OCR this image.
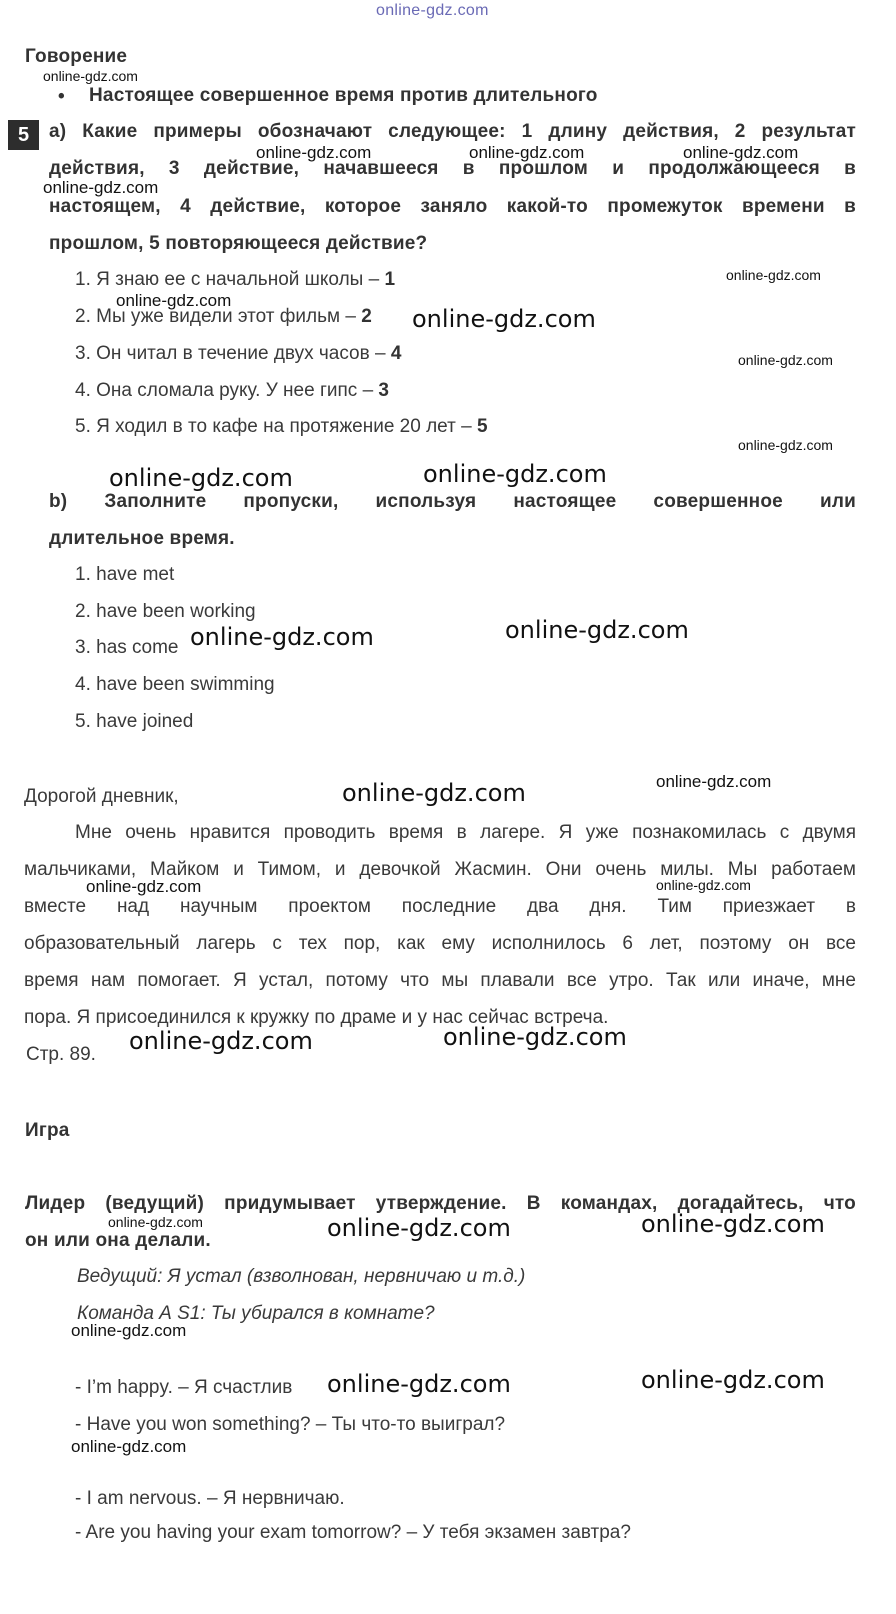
online-gdz.com
Говорение
• Настоящее совершенное время против длительного
5	a) Какие примеры обозначают следующее: 1 длину действия, 2 результат
действия, 3 действие, начавшееся в прошлом и продолжающееся в
настоящем, 4 действие, которое заняло какой-то промежуток времени в
прошлом, 5 повторяющееся действие?
1. Я знаю ее с начальной школы – 1
2. Мы уже видели этот фильм – 2
3. Он читал в течение двух часов – 4
4. Она сломала руку. У нее гипс – 3
5. Я ходил в то кафе на протяжение 20 лет – 5
b) Заполните пропуски, используя настоящее совершенное или
длительное время.
1. have met
2. have been working
3. has come
4. have been swimming
5. have joined
Дорогой дневник,
Мне очень нравится проводить время в лагере. Я уже познакомилась с двумя
мальчиками, Майком и Тимом, и девочкой Жасмин. Они очень милы. Мы работаем
вместе над научным проектом последние два дня. Тим приезжает в
образовательный лагерь с тех пор, как ему исполнилось 6 лет, поэтому он все
время нам помогает. Я устал, потому что мы плавали все утро. Так или иначе, мне
пора. Я присоединился к кружку по драме и у нас сейчас встреча.
Стр. 89.
Игра
Лидер (ведущий) придумывает утверждение. В командах, догадайтесь, что
он или она делали.
Ведущий: Я устал (взволнован, нервничаю и т.д.)
Команда А S1: Ты убирался в комнате?
- I’m happy. – Я счастлив
- Have you won something? – Ты что-то выиграл?
- I am nervous. – Я нервничаю.
- Are you having your exam tomorrow? – У тебя экзамен завтра?
online-gdz.com
online-gdz.com	online-gdz.com	online-gdz.com
online-gdz.com
online-gdz.com
online-gdz.com
online-gdz.com
online-gdz.com
online-gdz.com
online-gdz.com	online-gdz.com
online-gdz.com	online-gdz.com
online-gdz.com
online-gdz.com
online-gdz.com	online-gdz.com
online-gdz.com	online-gdz.com
online-gdz.com	online-gdz.com	online-gdz.com
online-gdz.com
online-gdz.com	online-gdz.com
online-gdz.com
